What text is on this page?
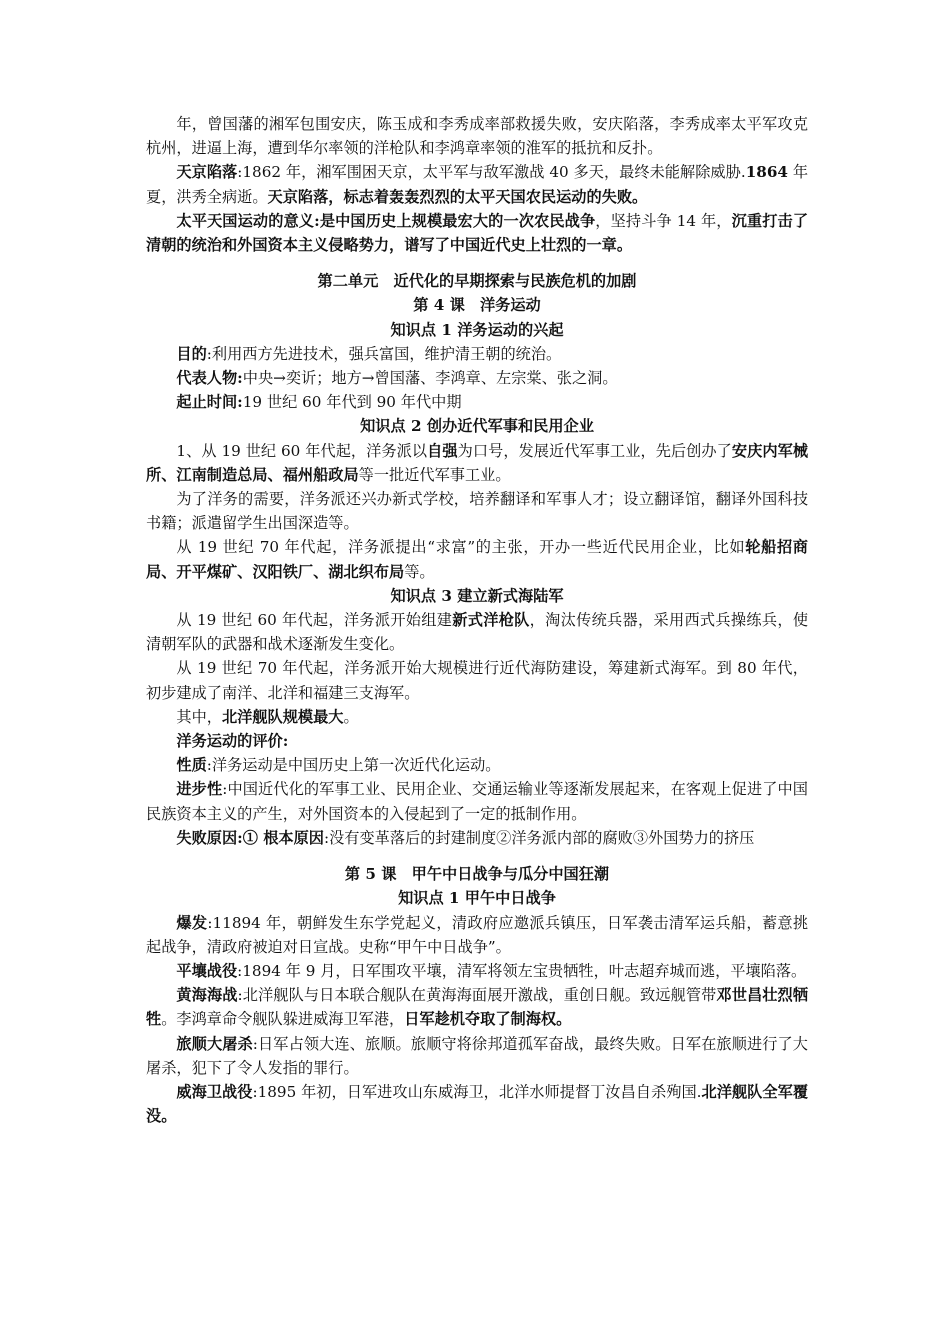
年，曾国藩的湘军包围安庆，陈玉成和李秀成率部救援失败，安庆陷落，李秀成率太平军攻克杭州，进逼上海，遭到华尔率领的洋枪队和李鸿章率领的淮军的抵抗和反扑。

天京陷落:1862 年，湘军围困天京，太平军与敌军激战 40 多天，最终未能解除威胁.1864 年夏，洪秀全病逝。天京陷落，标志着轰轰烈烈的太平天国农民运动的失败。

太平天国运动的意义:是中国历史上规模最宏大的一次农民战争，坚持斗争 14 年，沉重打击了清朝的统治和外国资本主义侵略势力，谱写了中国近代史上壮烈的一章。

第二单元　近代化的早期探索与民族危机的加剧

第 4 课　洋务运动

知识点 1 洋务运动的兴起

目的:利用西方先进技术，强兵富国，维护清王朝的统治。

代表人物:中央→奕䜣；地方→曾国藩、李鸿章、左宗棠、张之洞。

起止时间:19 世纪 60 年代到 90 年代中期

知识点 2 创办近代军事和民用企业

1、从 19 世纪 60 年代起，洋务派以自强为口号，发展近代军事工业，先后创办了安庆内军械所、江南制造总局、福州船政局等一批近代军事工业。

为了洋务的需要，洋务派还兴办新式学校，培养翻译和军事人才；设立翻译馆，翻译外国科技书籍；派遣留学生出国深造等。

从 19 世纪 70 年代起，洋务派提出“求富”的主张，开办一些近代民用企业，比如轮船招商局、开平煤矿、汉阳铁厂、湖北织布局等。

知识点 3 建立新式海陆军

从 19 世纪 60 年代起，洋务派开始组建新式洋枪队，淘汰传统兵器，采用西式兵操练兵，使清朝军队的武器和战术逐渐发生变化。

从 19 世纪 70 年代起，洋务派开始大规模进行近代海防建设，筹建新式海军。到 80 年代，初步建成了南洋、北洋和福建三支海军。

其中，北洋舰队规模最大。

洋务运动的评价:

性质:洋务运动是中国历史上第一次近代化运动。

进步性:中国近代化的军事工业、民用企业、交通运输业等逐渐发展起来，在客观上促进了中国民族资本主义的产生，对外国资本的入侵起到了一定的抵制作用。

失败原因:① 根本原因:没有变革落后的封建制度②洋务派内部的腐败③外国势力的挤压

第 5 课　甲午中日战争与瓜分中国狂潮

知识点 1 甲午中日战争

爆发:11894 年，朝鲜发生东学党起义，清政府应邀派兵镇压，日军袭击清军运兵船，蓄意挑起战争，清政府被迫对日宣战。史称“甲午中日战争”。

平壤战役:1894 年 9 月，日军围攻平壤，清军将领左宝贵牺牲，叶志超弃城而逃，平壤陷落。

黄海海战:北洋舰队与日本联合舰队在黄海海面展开激战，重创日舰。致远舰管带邓世昌壮烈牺牲。李鸿章命令舰队躲进威海卫军港，日军趁机夺取了制海权。

旅顺大屠杀:日军占领大连、旅顺。旅顺守将徐邦道孤军奋战，最终失败。日军在旅顺进行了大屠杀，犯下了令人发指的罪行。

威海卫战役:1895 年初，日军进攻山东威海卫，北洋水师提督丁汝昌自杀殉国.北洋舰队全军覆没。
